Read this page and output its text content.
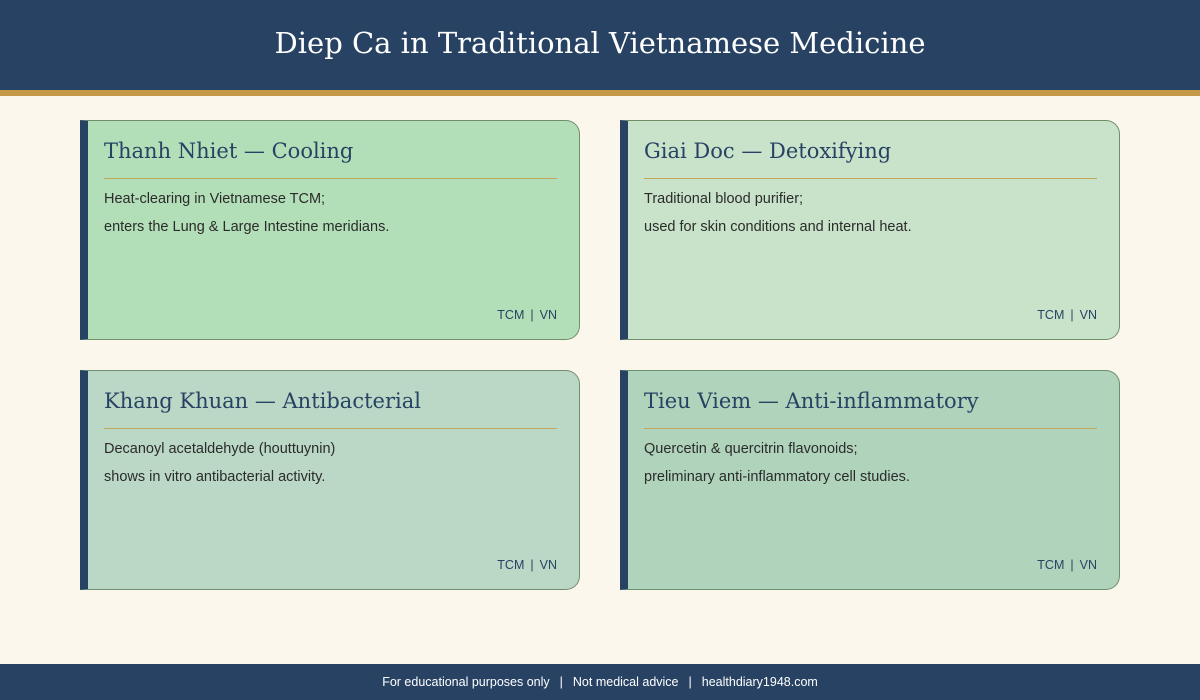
Diep Ca in Traditional Vietnamese Medicine
Thanh Nhiet — Cooling
Heat-clearing in Vietnamese TCM;
enters the Lung & Large Intestine meridians.
TCM | VN
Giai Doc — Detoxifying
Traditional blood purifier;
used for skin conditions and internal heat.
TCM | VN
Khang Khuan — Antibacterial
Decanoyl acetaldehyde (houttuynin)
shows in vitro antibacterial activity.
TCM | VN
Tieu Viem — Anti-inflammatory
Quercetin & quercitrin flavonoids;
preliminary anti-inflammatory cell studies.
TCM | VN
For educational purposes only | Not medical advice | healthdiary1948.com
